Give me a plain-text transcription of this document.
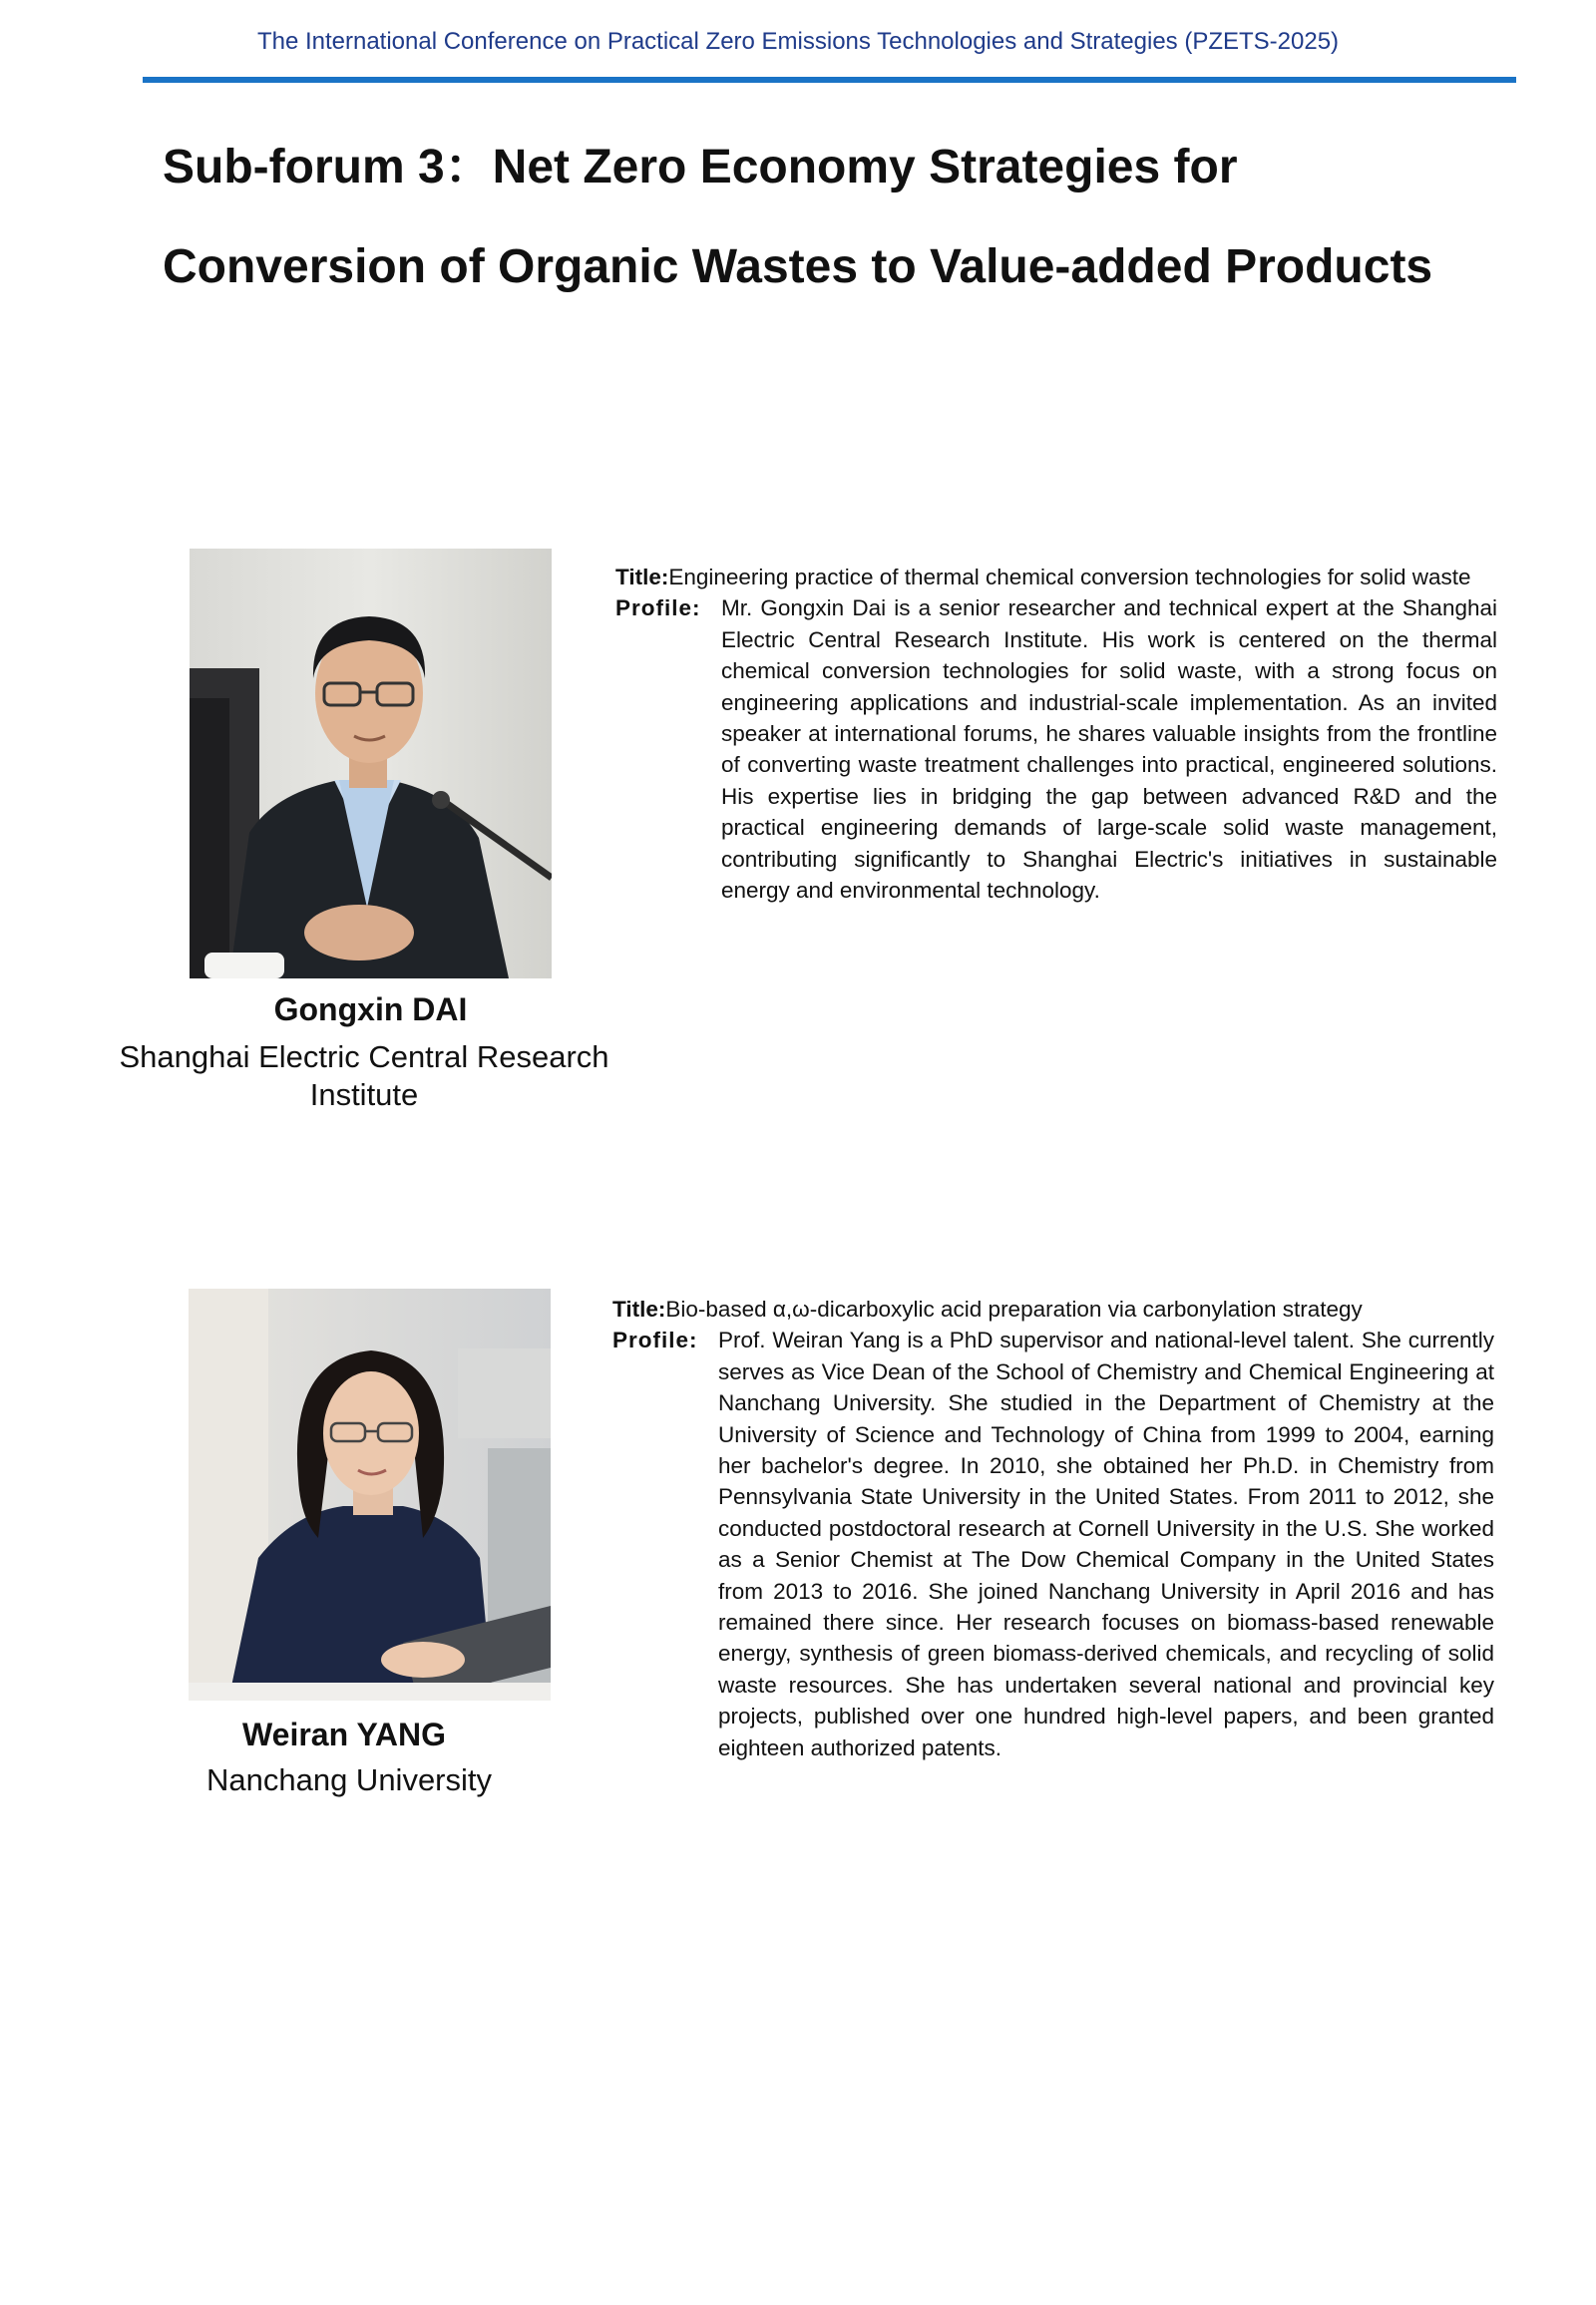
The International Conference on Practical Zero Emissions Technologies and Strategies (PZETS-2025)
Sub-forum 3：Net Zero Economy Strategies for
Conversion of Organic Wastes to Value-added Products
Gongxin DAI
Shanghai Electric Central Research Institute
Title: Engineering practice of thermal chemical conversion technologies for solid waste
Profile: Mr. Gongxin Dai is a senior researcher and technical expert at the Shanghai Electric Central Research Institute. His work is centered on the thermal chemical conversion technologies for solid waste, with a strong focus on engineering applications and industrial-scale implementation. As an invited speaker at international forums, he shares valuable insights from the frontline of converting waste treatment challenges into practical, engineered solutions. His expertise lies in bridging the gap between advanced R&D and the practical engineering demands of large-scale solid waste management, contributing significantly to Shanghai Electric's initiatives in sustainable energy and environmental technology.
Weiran YANG
Nanchang University
Title: Bio-based α,ω-dicarboxylic acid preparation via carbonylation strategy
Profile: Prof. Weiran Yang is a PhD supervisor and national-level talent. She currently serves as Vice Dean of the School of Chemistry and Chemical Engineering at Nanchang University. She studied in the Department of Chemistry at the University of Science and Technology of China from 1999 to 2004, earning her bachelor's degree. In 2010, she obtained her Ph.D. in Chemistry from Pennsylvania State University in the United States. From 2011 to 2012, she conducted postdoctoral research at Cornell University in the U.S. She worked as a Senior Chemist at The Dow Chemical Company in the United States from 2013 to 2016. She joined Nanchang University in April 2016 and has remained there since. Her research focuses on biomass-based renewable energy, synthesis of green biomass-derived chemicals, and recycling of solid waste resources. She has undertaken several national and provincial key projects, published over one hundred high-level papers, and been granted eighteen authorized patents.
